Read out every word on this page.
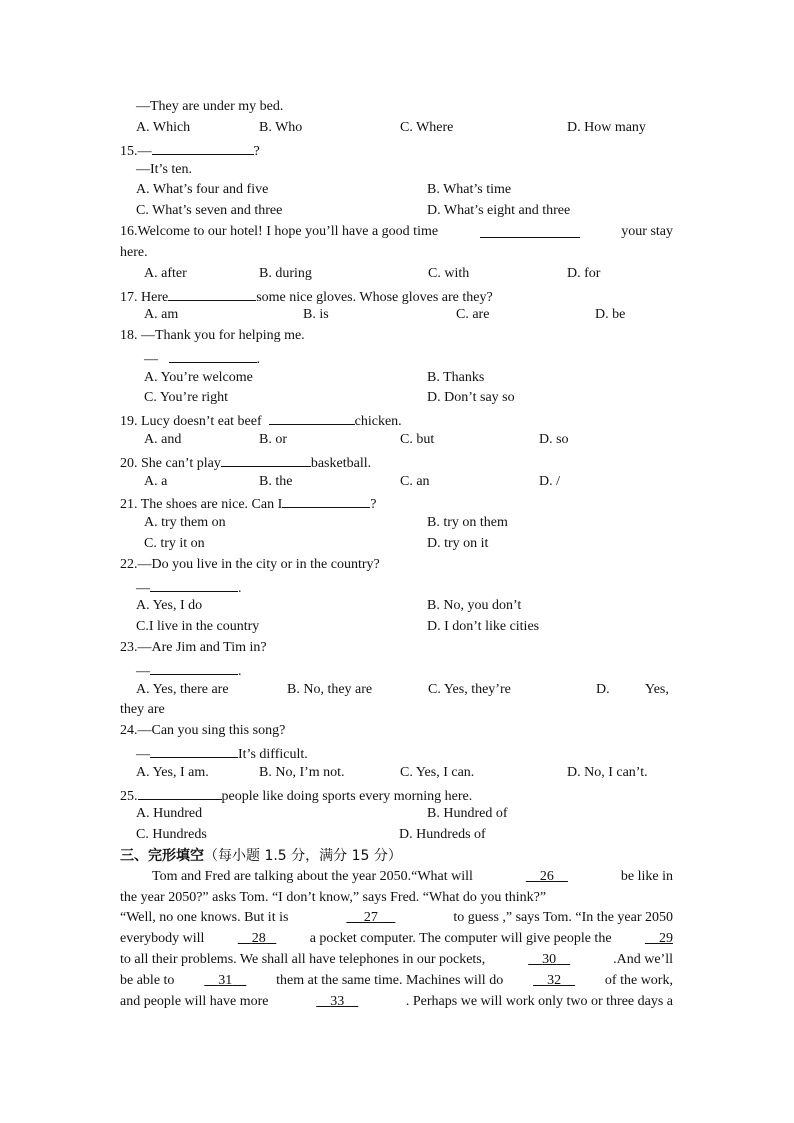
—They are under my bed.
A. Which	B. Who	C. Where	D. How many
15.—	?
—It’s ten.
A. What’s four and five	B. What’s time
C. What’s seven and three	D. What’s eight and three
16.Welcome to our hotel! I hope you’ll have a good time	your stay
here.
A. after	B. during	C. with	D. for
17. Here	some nice gloves. Whose gloves are they?
A. am	B. is	C. are	D. be
18. —Thank you for helping me.
—	.
A. You’re welcome	B. Thanks
C. You’re right	D. Don’t say so
19. Lucy doesn’t eat beef	chicken.
A. and	B. or	C. but	D. so
20. She can’t play	basketball.
A. a	B. the	C. an	D. /
21. The shoes are nice. Can I	?
A. try them on	B. try on them
C. try it on	D. try on it
22.—Do you live in the city or in the country?
—	.
A. Yes, I do	B. No, you don’t
C.I live in the country	D. I don’t like cities
23.—Are Jim and Tim in?
—	.
A. Yes, there are	B. No, they are	C. Yes, they’re	D.	Yes,
they are
24.—Can you sing this song?
—	It’s difficult.
A. Yes, I am.	B. No, I’m not.	C. Yes, I can.	D. No, I can’t.
25.	people like doing sports every morning here.
A. Hundred	B. Hundred of
C. Hundreds	D. Hundreds of
三、完形填空（每小题 1.5 分，满分 15 分）
Tom and Fred are talking about the year 2050.“What will	26	be like in
the year 2050?” asks Tom. “I don’t know,” says Fred. “What do you think?”
“Well, no one knows. But it is	27	to guess ,” says Tom. “In the year 2050
everybody will	28	a pocket computer. The computer will give people the	29
to all their problems. We shall all have telephones in our pockets,	30	.And we’ll
be able to	31	them at the same time. Machines will do	32	of the work,
and people will have more	33	. Perhaps we will work only two or three days a
